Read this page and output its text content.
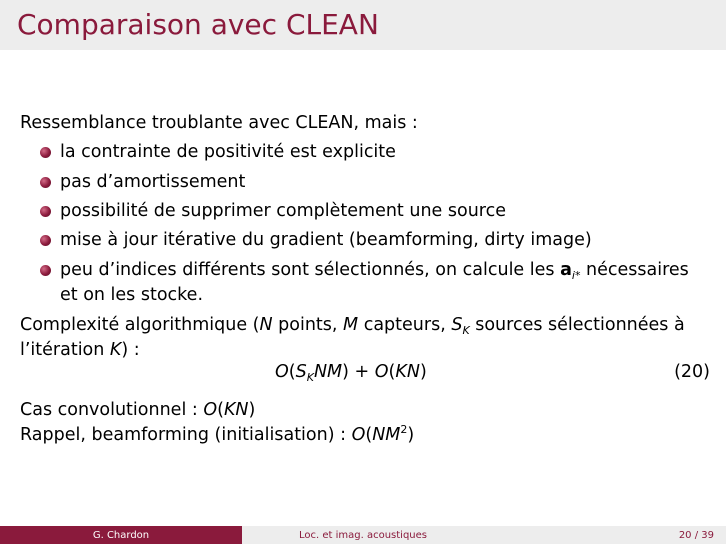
Comparaison avec CLEAN
Ressemblance troublante avec CLEAN, mais :
la contrainte de positivité est explicite
pas d’amortissement
possibilité de supprimer complètement une source
mise à jour itérative du gradient (beamforming, dirty image)
peu d’indices différents sont sélectionnés, on calcule les $a_{i*}$ nécessaires
et on les stocke.
Complexité algorithmique (N points, M capteurs, $S_K$ sources sélectionnées à
l’itération K) :
$O(S_KNM) + O(KN)$	(20)
Cas convolutionnel : O(KN)
Rappel, beamforming (initialisation) : $O(NM^2)$
G. Chardon	Loc. et imag. acoustiques	20 / 39
